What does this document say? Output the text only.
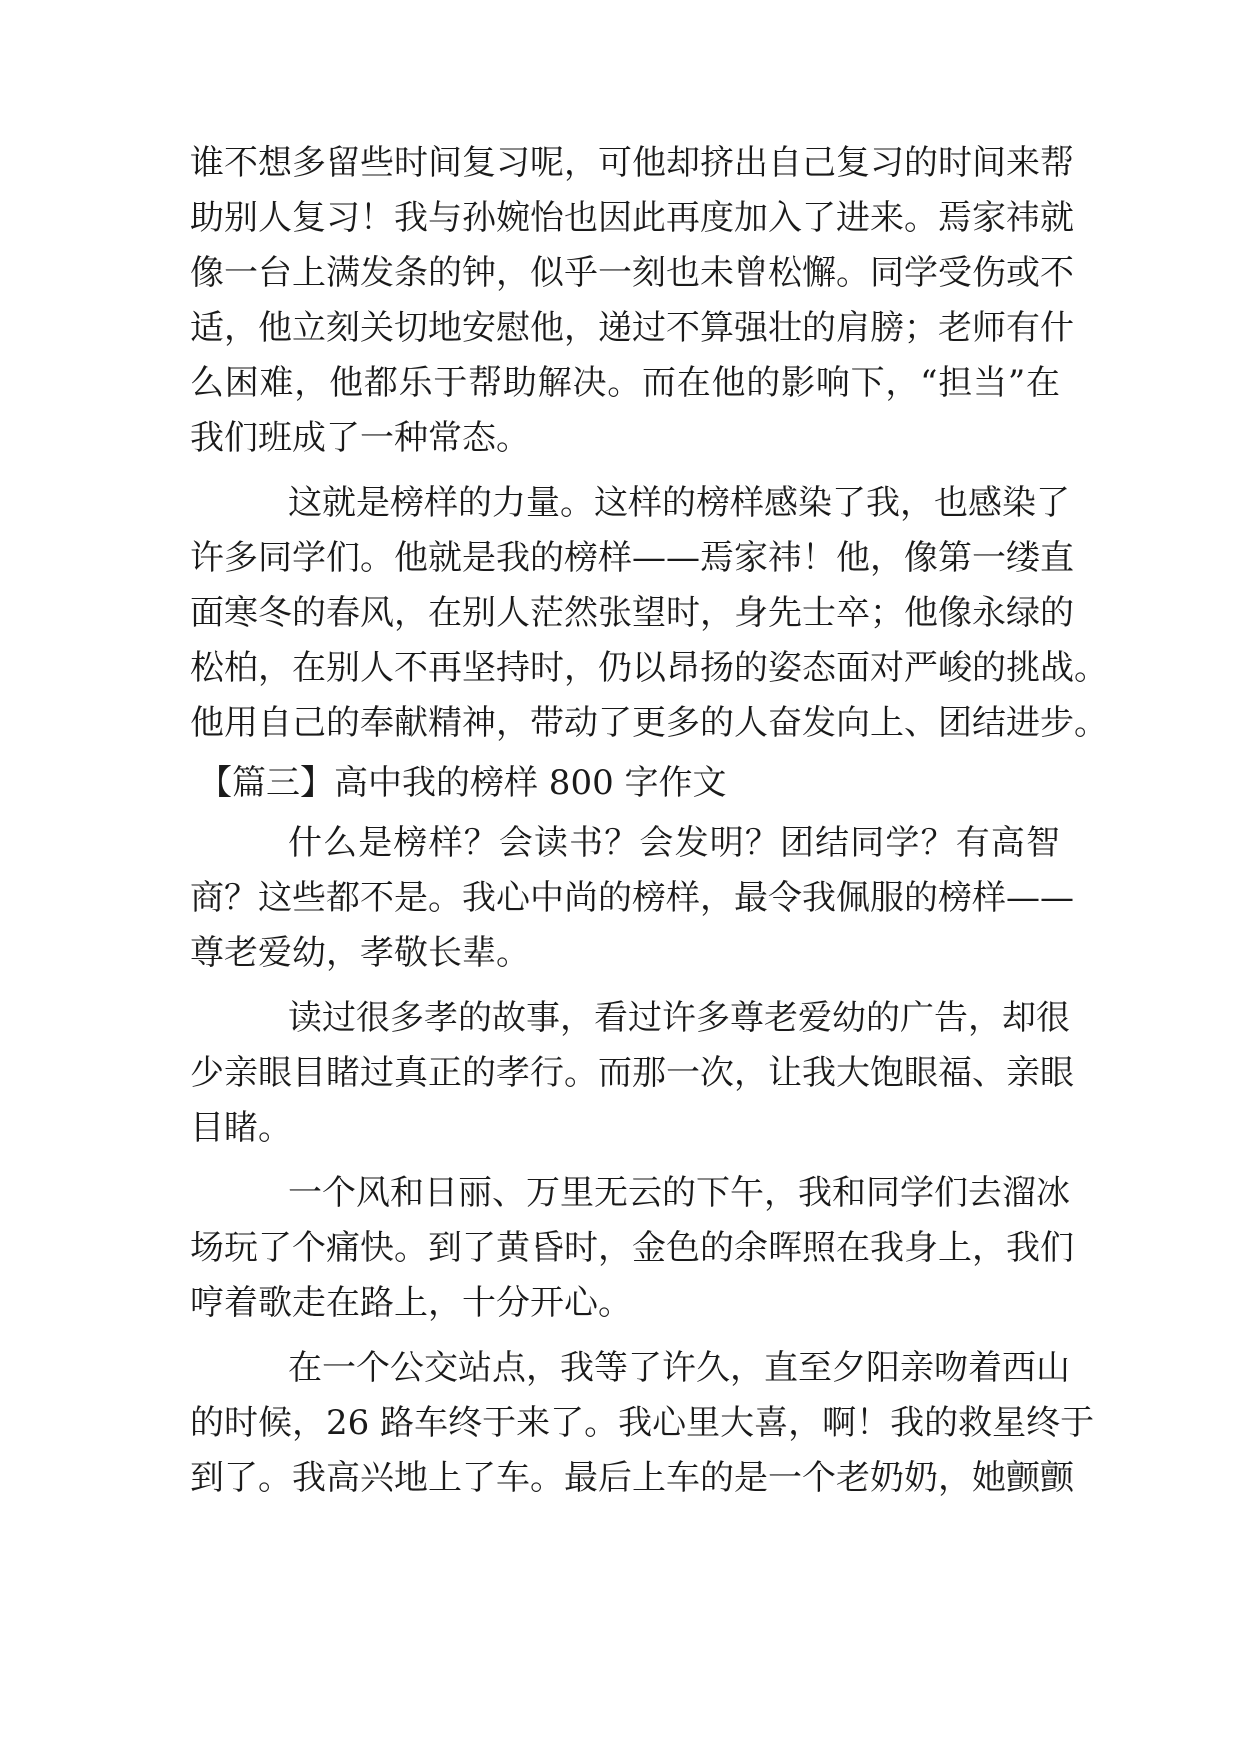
谁不想多留些时间复习呢，可他却挤出自己复习的时间来帮
助别人复习！我与孙婉怡也因此再度加入了进来。焉家祎就
像一台上满发条的钟，似乎一刻也未曾松懈。同学受伤或不
适，他立刻关切地安慰他，递过不算强壮的肩膀；老师有什
么困难，他都乐于帮助解决。而在他的影响下，“担当”在
我们班成了一种常态。
这就是榜样的力量。这样的榜样感染了我，也感染了
许多同学们。他就是我的榜样——焉家祎！他，像第一缕直
面寒冬的春风，在别人茫然张望时，身先士卒；他像永绿的
松柏，在别人不再坚持时，仍以昂扬的姿态面对严峻的挑战。
他用自己的奉献精神，带动了更多的人奋发向上、团结进步。
【篇三】高中我的榜样 800 字作文
什么是榜样？会读书？会发明？团结同学？有高智
商？这些都不是。我心中尚的榜样，最令我佩服的榜样——
尊老爱幼，孝敬长辈。
读过很多孝的故事，看过许多尊老爱幼的广告，却很
少亲眼目睹过真正的孝行。而那一次，让我大饱眼福、亲眼
目睹。
一个风和日丽、万里无云的下午，我和同学们去溜冰
场玩了个痛快。到了黄昏时，金色的余晖照在我身上，我们
哼着歌走在路上，十分开心。
在一个公交站点，我等了许久，直至夕阳亲吻着西山
的时候，26 路车终于来了。我心里大喜，啊！我的救星终于
到了。我高兴地上了车。最后上车的是一个老奶奶，她颤颤
